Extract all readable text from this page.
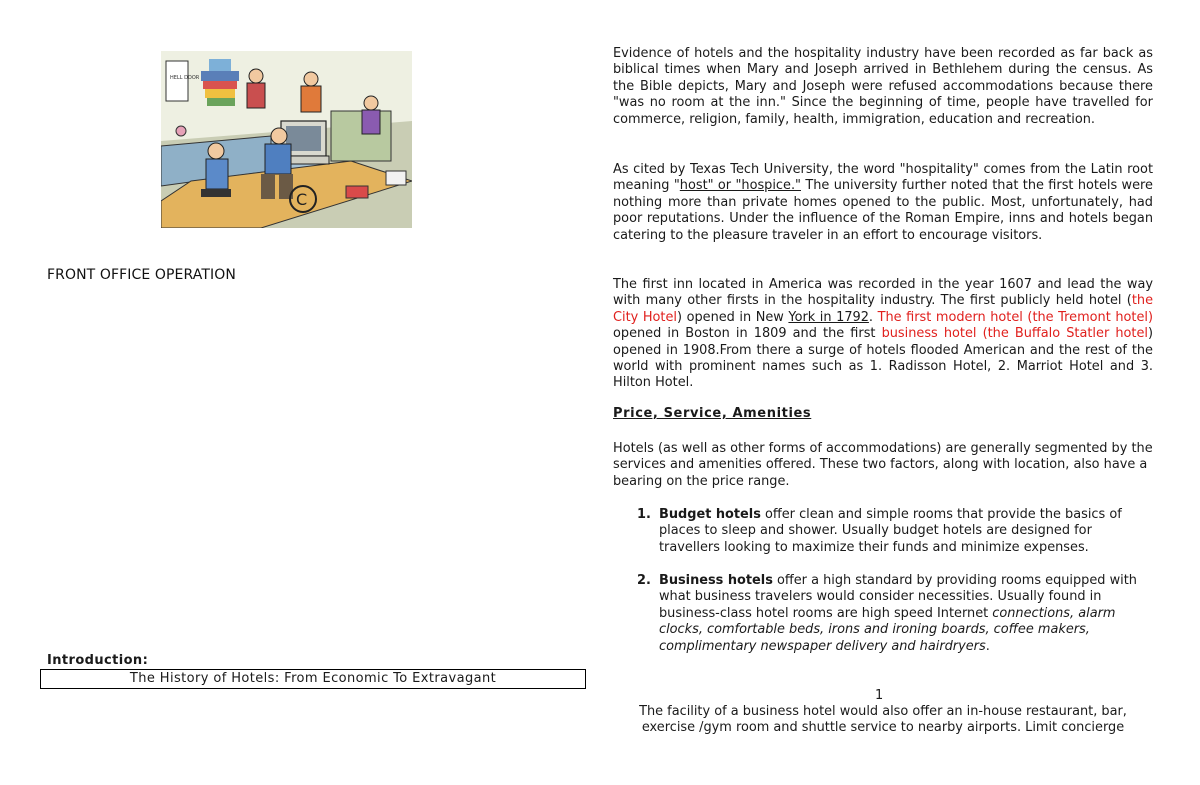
HELL DOOR
C
FRONT OFFICE OPERATION
Introduction:
The History of Hotels: From Economic To Extravagant

Evidence of hotels and the hospitality industry have been recorded as far back as biblical times when Mary and Joseph arrived in Bethlehem during the census. As the Bible depicts, Mary and Joseph were refused accommodations because there "was no room at the inn." Since the beginning of time, people have travelled for commerce, religion, family, health, immigration, education and recreation.

As cited by Texas Tech University, the word "hospitality" comes from the Latin root meaning "host" or "hospice." The university further noted that the first hotels were nothing more than private homes opened to the public. Most, unfortunately, had poor reputations. Under the influence of the Roman Empire, inns and hotels began catering to the pleasure traveler in an effort to encourage visitors.

The first inn located in America was recorded in the year 1607 and lead the way with many other firsts in the hospitality industry. The first publicly held hotel (the City Hotel) opened in New York in 1792. The first modern hotel (the Tremont hotel) opened in Boston in 1809 and the first business hotel (the Buffalo Statler hotel) opened in 1908.From there a surge of hotels flooded American and the rest of the world with prominent names such as 1. Radisson Hotel, 2. Marriot Hotel and 3. Hilton Hotel.

Price, Service, Amenities

Hotels (as well as other forms of accommodations) are generally segmented by the services and amenities offered. These two factors, along with location, also have a bearing on the price range.

1. Budget hotels offer clean and simple rooms that provide the basics of places to sleep and shower. Usually budget hotels are designed for travellers looking to maximize their funds and minimize expenses.
2. Business hotels offer a high standard by providing rooms equipped with what business travelers would consider necessities. Usually found in business-class hotel rooms are high speed Internet connections, alarm clocks, comfortable beds, irons and ironing boards, coffee makers, complimentary newspaper delivery and hairdryers.
1
The facility of a business hotel would also offer an in-house restaurant, bar, exercise /gym room and shuttle service to nearby airports. Limit concierge
